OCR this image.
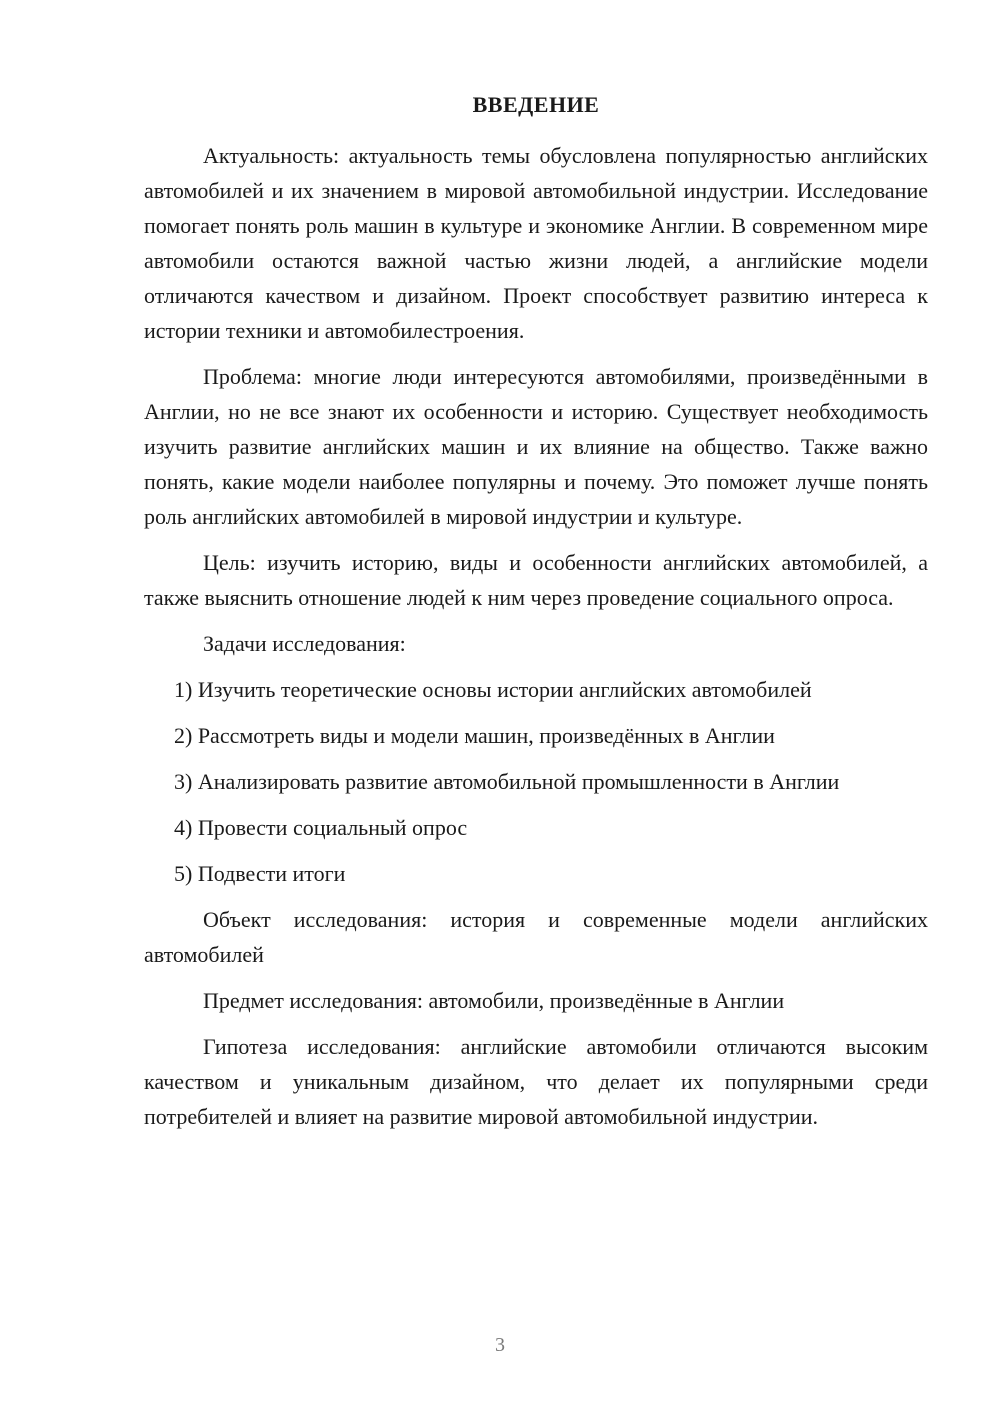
ВВЕДЕНИЕ

Актуальность: актуальность темы обусловлена популярностью английских автомобилей и их значением в мировой автомобильной индустрии. Исследование помогает понять роль машин в культуре и экономике Англии. В современном мире автомобили остаются важной частью жизни людей, а английские модели отличаются качеством и дизайном. Проект способствует развитию интереса к истории техники и автомобилестроения.

Проблема: многие люди интересуются автомобилями, произведёнными в Англии, но не все знают их особенности и историю. Существует необходимость изучить развитие английских машин и их влияние на общество. Также важно понять, какие модели наиболее популярны и почему. Это поможет лучше понять роль английских автомобилей в мировой индустрии и культуре.

Цель: изучить историю, виды и особенности английских автомобилей, а также выяснить отношение людей к ним через проведение социального опроса.

Задачи исследования:

1) Изучить теоретические основы истории английских автомобилей

2) Рассмотреть виды и модели машин, произведённых в Англии

3) Анализировать развитие автомобильной промышленности в Англии

4) Провести социальный опрос

5) Подвести итоги

Объект исследования: история и современные модели английских автомобилей

Предмет исследования: автомобили, произведённые в Англии

Гипотеза исследования: английские автомобили отличаются высоким качеством и уникальным дизайном, что делает их популярными среди потребителей и влияет на развитие мировой автомобильной индустрии.

3
